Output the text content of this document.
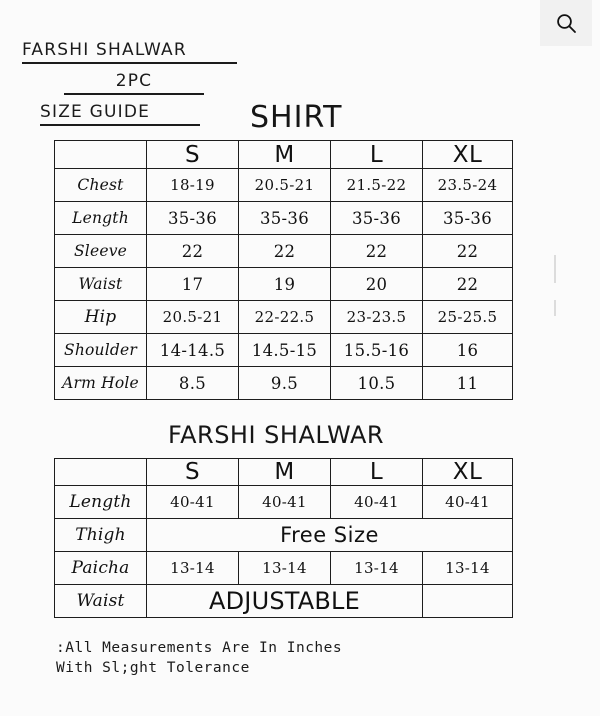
FARSHI SHALWAR
2PC
SIZE GUIDE	SHIRT
	S	M	L	XL
Chest	18-19	20.5-21	21.5-22	23.5-24
Length	35-36	35-36	35-36	35-36
Sleeve	22	22	22	22
Waist	17	19	20	22
Hip	20.5-21	22-22.5	23-23.5	25-25.5
Shoulder	14-14.5	14.5-15	15.5-16	16
Arm Hole	8.5	9.5	10.5	11
FARSHI SHALWAR
	S	M	L	XL
Length	40-41	40-41	40-41	40-41
Thigh	Free Size			
Paicha	13-14	13-14	13-14	13-14
Waist	ADJUSTABLE			
:All Measurements Are In Inches
With Sl;ght Tolerance
